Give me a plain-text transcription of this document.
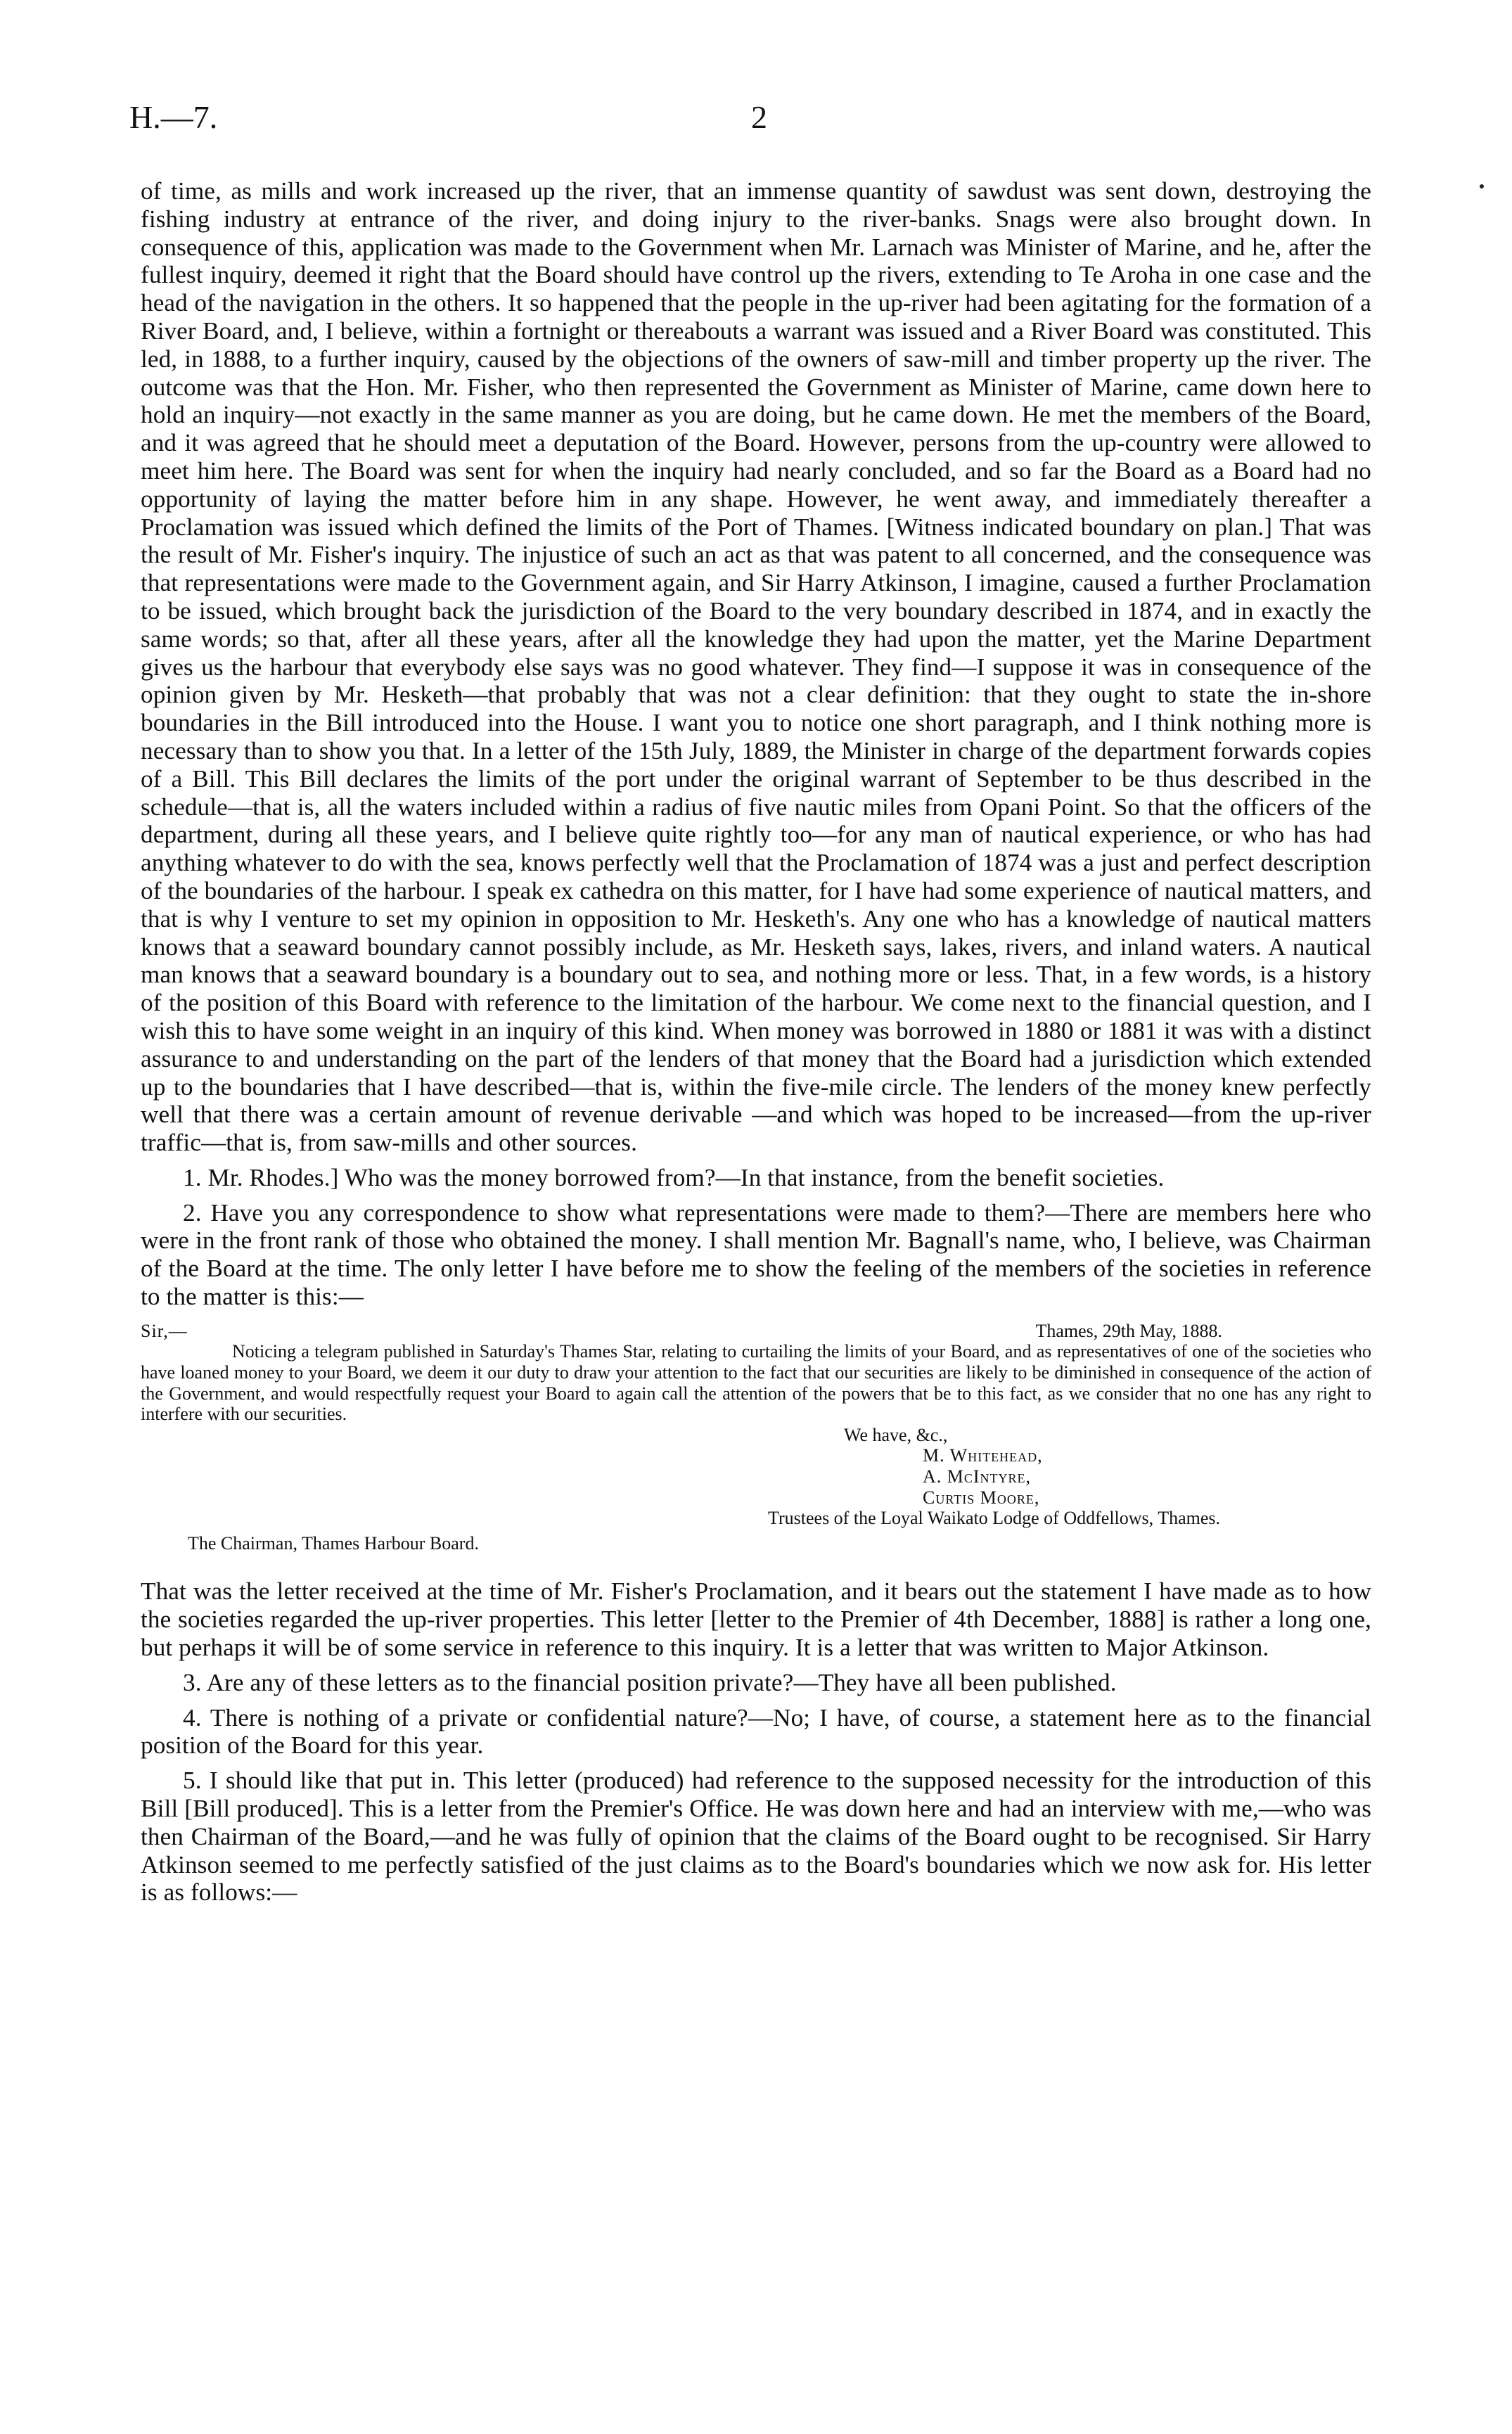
H.—7.	2

of time, as mills and work increased up the river, that an immense quantity of sawdust was sent down, destroying the fishing industry at entrance of the river, and doing injury to the river-banks. Snags were also brought down. In consequence of this, application was made to the Government when Mr. Larnach was Minister of Marine, and he, after the fullest inquiry, deemed it right that the Board should have control up the rivers, extending to Te Aroha in one case and the head of the navigation in the others. It so happened that the people in the up-river had been agitating for the formation of a River Board, and, I believe, within a fortnight or thereabouts a warrant was issued and a River Board was constituted. This led, in 1888, to a further inquiry, caused by the objections of the owners of saw-mill and timber property up the river. The outcome was that the Hon. Mr. Fisher, who then represented the Government as Minister of Marine, came down here to hold an inquiry—not exactly in the same manner as you are doing, but he came down. He met the members of the Board, and it was agreed that he should meet a deputation of the Board. However, persons from the up-country were allowed to meet him here. The Board was sent for when the inquiry had nearly concluded, and so far the Board as a Board had no opportunity of laying the matter before him in any shape. However, he went away, and immediately thereafter a Proclamation was issued which defined the limits of the Port of Thames. [Witness indicated boundary on plan.] That was the result of Mr. Fisher's inquiry. The injustice of such an act as that was patent to all concerned, and the consequence was that representations were made to the Government again, and Sir Harry Atkinson, I imagine, caused a further Proclamation to be issued, which brought back the jurisdiction of the Board to the very boundary described in 1874, and in exactly the same words; so that, after all these years, after all the knowledge they had upon the matter, yet the Marine Department gives us the harbour that everybody else says was no good whatever. They find—I suppose it was in consequence of the opinion given by Mr. Hesketh—that probably that was not a clear definition: that they ought to state the in-shore boundaries in the Bill introduced into the House. I want you to notice one short paragraph, and I think nothing more is necessary than to show you that. In a letter of the 15th July, 1889, the Minister in charge of the department forwards copies of a Bill. This Bill declares the limits of the port under the original warrant of September to be thus described in the schedule—that is, all the waters included within a radius of five nautic miles from Opani Point. So that the officers of the department, during all these years, and I believe quite rightly too—for any man of nautical experience, or who has had anything whatever to do with the sea, knows perfectly well that the Proclamation of 1874 was a just and perfect description of the boundaries of the harbour. I speak ex cathedra on this matter, for I have had some experience of nautical matters, and that is why I venture to set my opinion in opposition to Mr. Hesketh's. Any one who has a knowledge of nautical matters knows that a seaward boundary cannot possibly include, as Mr. Hesketh says, lakes, rivers, and inland waters. A nautical man knows that a seaward boundary is a boundary out to sea, and nothing more or less. That, in a few words, is a history of the position of this Board with reference to the limitation of the harbour. We come next to the financial question, and I wish this to have some weight in an inquiry of this kind. When money was borrowed in 1880 or 1881 it was with a distinct assurance to and understanding on the part of the lenders of that money that the Board had a jurisdiction which extended up to the boundaries that I have described—that is, within the five-mile circle. The lenders of the money knew perfectly well that there was a certain amount of revenue derivable —and which was hoped to be increased—from the up-river traffic—that is, from saw-mills and other sources.

1. Mr. Rhodes.] Who was the money borrowed from?—In that instance, from the benefit societies.

2. Have you any correspondence to show what representations were made to them?—There are members here who were in the front rank of those who obtained the money. I shall mention Mr. Bagnall's name, who, I believe, was Chairman of the Board at the time. The only letter I have before me to show the feeling of the members of the societies in reference to the matter is this:—

Sir,—	Thames, 29th May, 1888.

Noticing a telegram published in Saturday's Thames Star, relating to curtailing the limits of your Board, and as representatives of one of the societies who have loaned money to your Board, we deem it our duty to draw your attention to the fact that our securities are likely to be diminished in consequence of the action of the Government, and would respectfully request your Board to again call the attention of the powers that be to this fact, as we consider that no one has any right to interfere with our securities.

We have, &c.,
M. Whitehead,
A. McIntyre,
Curtis Moore,
Trustees of the Loyal Waikato Lodge of Oddfellows, Thames.
The Chairman, Thames Harbour Board.

That was the letter received at the time of Mr. Fisher's Proclamation, and it bears out the statement I have made as to how the societies regarded the up-river properties. This letter [letter to the Premier of 4th December, 1888] is rather a long one, but perhaps it will be of some service in reference to this inquiry. It is a letter that was written to Major Atkinson.

3. Are any of these letters as to the financial position private?—They have all been published.

4. There is nothing of a private or confidential nature?—No; I have, of course, a statement here as to the financial position of the Board for this year.

5. I should like that put in. This letter (produced) had reference to the supposed necessity for the introduction of this Bill [Bill produced]. This is a letter from the Premier's Office. He was down here and had an interview with me,—who was then Chairman of the Board,—and he was fully of opinion that the claims of the Board ought to be recognised. Sir Harry Atkinson seemed to me perfectly satisfied of the just claims as to the Board's boundaries which we now ask for. His letter is as follows:—
